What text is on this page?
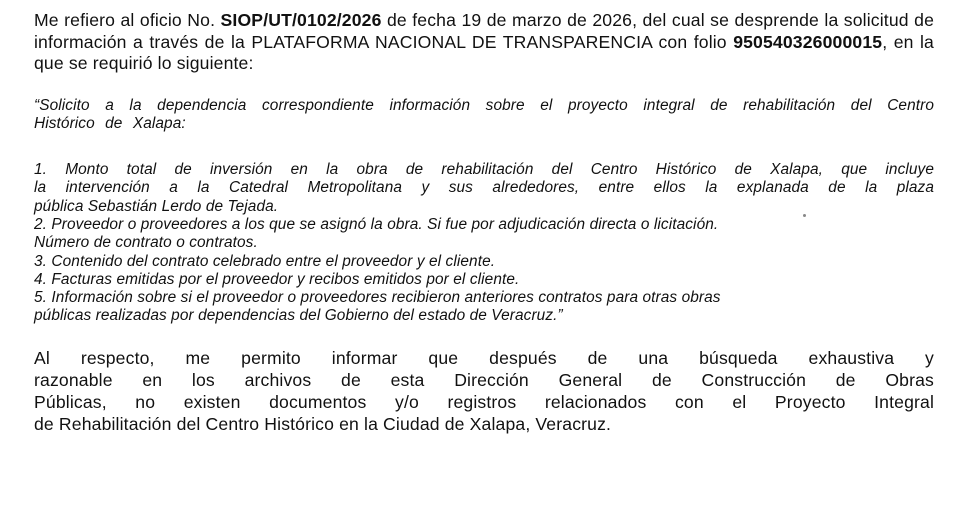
Me refiero al oficio No. SIOP/UT/0102/2026 de fecha 19 de marzo de 2026, del cual se desprende la solicitud de información a través de la PLATAFORMA NACIONAL DE TRANSPARENCIA con folio 950540326000015, en la que se requirió lo siguiente:

“Solicito a la dependencia correspondiente información sobre el proyecto integral de rehabilitación del Centro Histórico de Xalapa:

1. Monto total de inversión en la obra de rehabilitación del Centro Histórico de Xalapa, que incluye
la intervención a la Catedral Metropolitana y sus alrededores, entre ellos la explanada de la plaza
pública Sebastián Lerdo de Tejada.
2. Proveedor o proveedores a los que se asignó la obra. Si fue por adjudicación directa o licitación.
Número de contrato o contratos.
3. Contenido del contrato celebrado entre el proveedor y el cliente.
4. Facturas emitidas por el proveedor y recibos emitidos por el cliente.
5. Información sobre si el proveedor o proveedores recibieron anteriores contratos para otras obras
públicas realizadas por dependencias del Gobierno del estado de Veracruz.”
Al respecto, me permito informar que después de una búsqueda exhaustiva y
razonable en los archivos de esta Dirección General de Construcción de Obras
Públicas, no existen documentos y/o registros relacionados con el Proyecto Integral
de Rehabilitación del Centro Histórico en la Ciudad de Xalapa, Veracruz.
